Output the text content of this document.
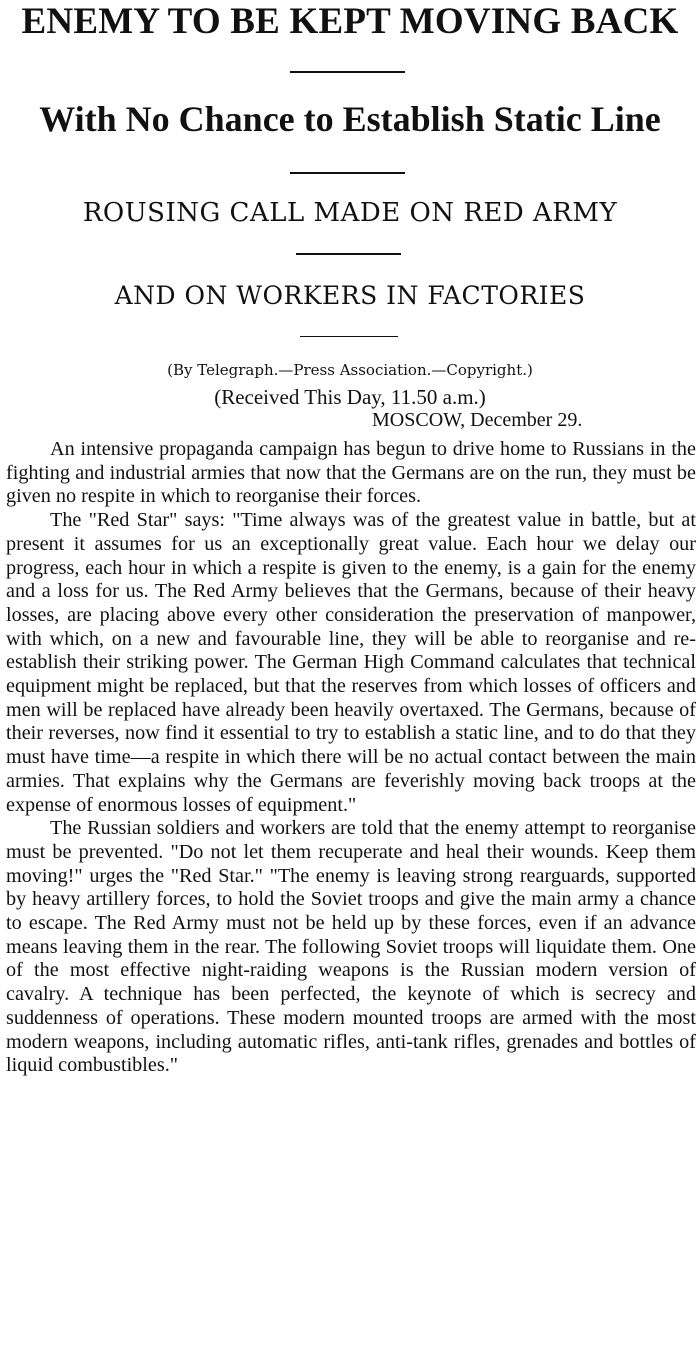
ENEMY TO BE KEPT MOVING BACK
With No Chance to Establish Static Line
ROUSING CALL MADE ON RED ARMY
AND ON WORKERS IN FACTORIES
(By Telegraph.—Press Association.—Copyright.)
(Received This Day, 11.50 a.m.)
MOSCOW, December 29.

An intensive propaganda campaign has begun to drive home to Russians in the fighting and industrial armies that now that the Germans are on the run, they must be given no respite in which to reorganise their forces.

The "Red Star" says: "Time always was of the greatest value in battle, but at present it assumes for us an exceptionally great value. Each hour we delay our progress, each hour in which a respite is given to the enemy, is a gain for the enemy and a loss for us. The Red Army believes that the Germans, because of their heavy losses, are placing above every other consideration the preservation of manpower, with which, on a new and favourable line, they will be able to reorganise and re-establish their striking power. The German High Command calculates that technical equipment might be replaced, but that the reserves from which losses of officers and men will be replaced have already been heavily overtaxed. The Germans, because of their reverses, now find it essential to try to establish a static line, and to do that they must have time—a respite in which there will be no actual contact between the main armies. That explains why the Germans are feverishly moving back troops at the expense of enormous losses of equipment."

The Russian soldiers and workers are told that the enemy attempt to reorganise must be prevented. "Do not let them recuperate and heal their wounds. Keep them moving!" urges the "Red Star." "The enemy is leaving strong rearguards, supported by heavy artillery forces, to hold the Soviet troops and give the main army a chance to escape. The Red Army must not be held up by these forces, even if an advance means leaving them in the rear. The following Soviet troops will liquidate them. One of the most effective night-raiding weapons is the Russian modern version of cavalry. A technique has been perfected, the keynote of which is secrecy and suddenness of operations. These modern mounted troops are armed with the most modern weapons, including automatic rifles, anti-tank rifles, grenades and bottles of liquid combustibles."
